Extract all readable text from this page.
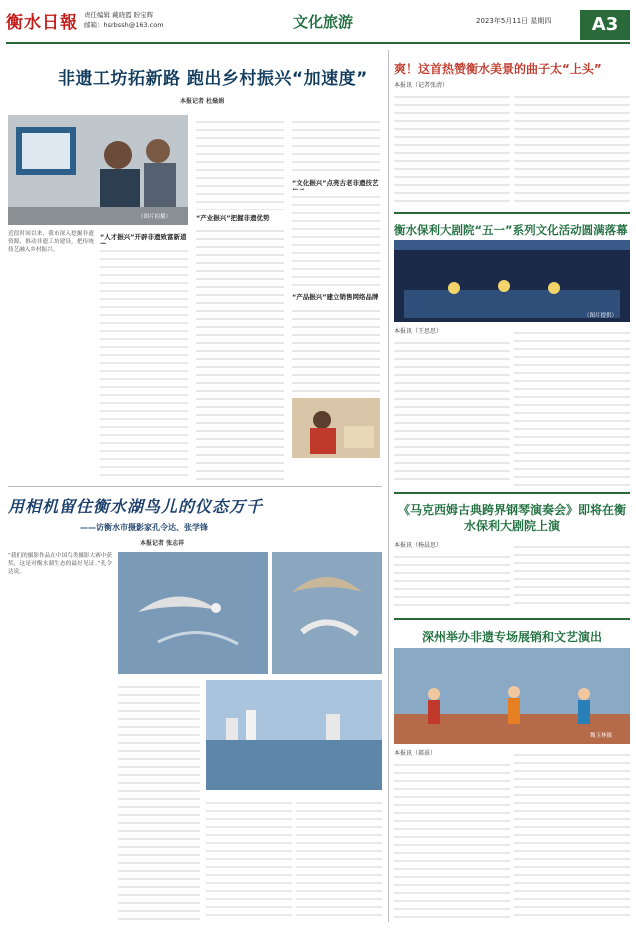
衡水日報 责任编辑 戴晓霞 盼宝辉
邮箱：hsrbssh@163.com	文化旅游	2023年5月11日 星期四	A3
非遗工坊拓新路 跑出乡村振兴“加速度”
本报记者 杜燊娟
（图片拍摄）
近段时间以来，我市深入挖掘非遗资源，推动非遗工坊建设，把传统技艺融入乡村振兴。
“人才振兴”开辟非遗致富新道
“产业振兴”把握非遗优势
“文化振兴”点亮古老非遗技艺
“产品振兴”建立销售网络品牌
用相机留住衡水湖鸟儿的仪态万千
——访衡水市摄影家孔令达、张学锋
本报记者 张志祥
“我们的摄影作品在中国鸟类摄影大赛中获奖，这是对衡水湖生态的最好见证。”孔令达说。
爽！这首热赞衡水美景的曲子太“上头”
本报讯（记者张清）
衡水保利大剧院“五一”系列文化活动圆满落幕
（图片提供）
本报讯（王思思）
《马克西姆古典跨界钢琴演奏会》即将在衡水保利大剧院上演
本报讯（杨晨思）
深州举办非遗专场展销和文艺演出
魏玉林摄
本报讯（郝景）
